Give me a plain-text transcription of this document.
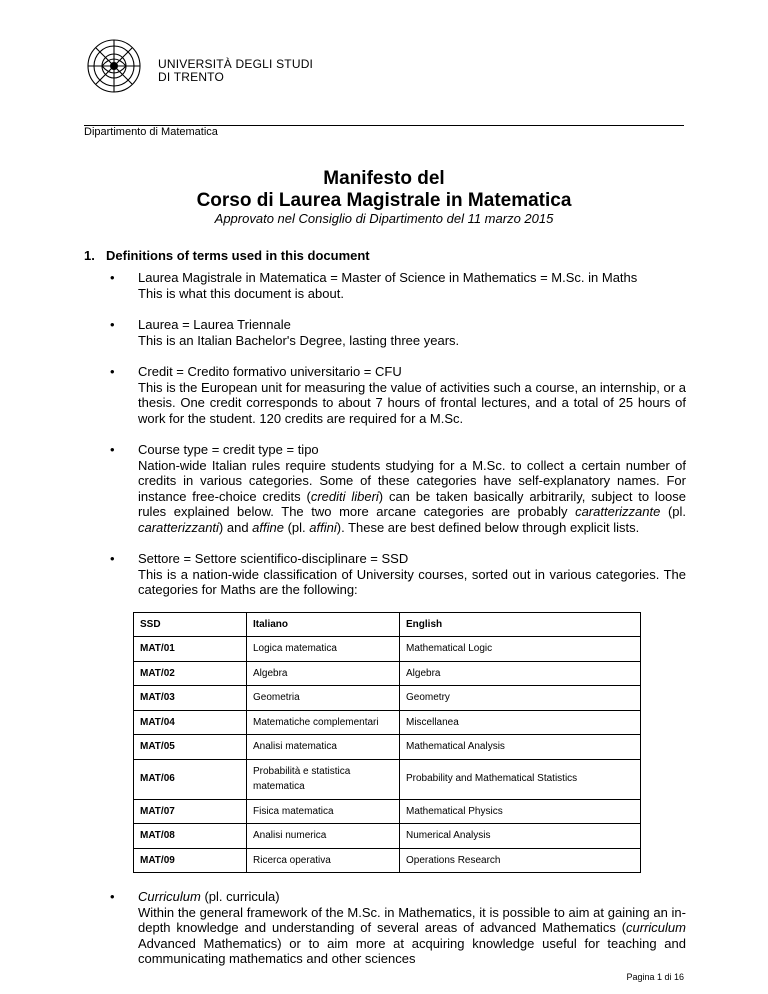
UNIVERSITÀ DEGLI STUDI
DI TRENTO
Dipartimento di Matematica
Manifesto del
Corso di Laurea Magistrale in Matematica
Approvato nel Consiglio di Dipartimento del 11 marzo 2015
1. Definitions of terms used in this document
• Laurea Magistrale in Matematica = Master of Science in Mathematics = M.Sc. in Maths

This is what this document is about.

• Laurea = Laurea Triennale

This is an Italian Bachelor's Degree, lasting three years.

• Credit = Credito formativo universitario = CFU

This is the European unit for measuring the value of activities such a course, an internship, or a thesis. One credit corresponds to about 7 hours of frontal lectures, and a total of 25 hours of work for the student. 120 credits are required for a M.Sc.

• Course type = credit type = tipo

Nation-wide Italian rules require students studying for a M.Sc. to collect a certain number of credits in various categories. Some of these categories have self-explanatory names. For instance free-choice credits (crediti liberi) can be taken basically arbitrarily, subject to loose rules explained below. The two more arcane categories are probably caratterizzante (pl. caratterizzanti) and affine (pl. affini). These are best defined below through explicit lists.

• Settore = Settore scientifico-disciplinare = SSD

This is a nation-wide classification of University courses, sorted out in various categories. The categories for Maths are the following:

SSD	Italiano	English
MAT/01	Logica matematica	Mathematical Logic
MAT/02	Algebra	Algebra
MAT/03	Geometria	Geometry
MAT/04	Matematiche complementari	Miscellanea
MAT/05	Analisi matematica	Mathematical Analysis
MAT/06	Probabilità e statistica matematica	Probability and Mathematical Statistics
MAT/07	Fisica matematica	Mathematical Physics
MAT/08	Analisi numerica	Numerical Analysis
MAT/09	Ricerca operativa	Operations Research
• Curriculum (pl. curricula)

Within the general framework of the M.Sc. in Mathematics, it is possible to aim at gaining an in-depth knowledge and understanding of several areas of advanced Mathematics (curriculum Advanced Mathematics) or to aim more at acquiring knowledge useful for teaching and communicating mathematics and other sciences

Pagina 1 di 16
